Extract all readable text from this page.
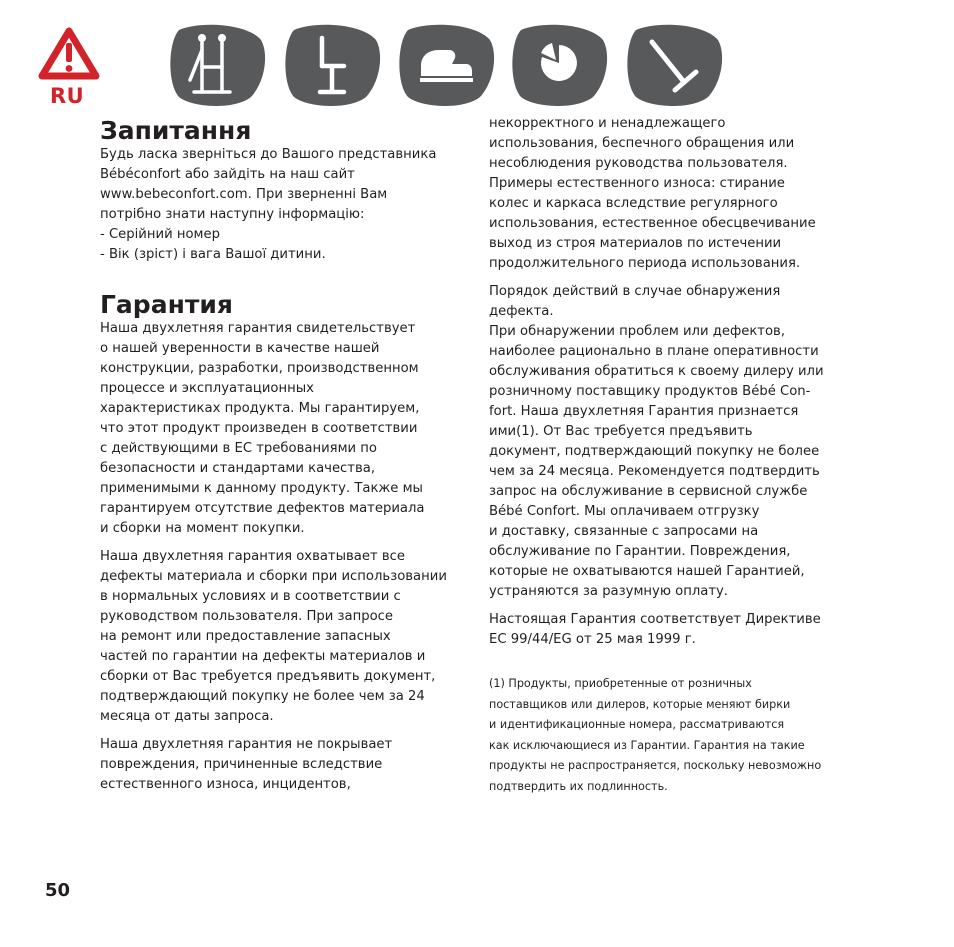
RU
Запитання
Будь ласка зверніться до Вашого представника
Bébéconfort або зайдіть на наш сайт
www.bebeconfort.com. При зверненні Вам
потрібно знати наступну інформацію:
- Серійний номер
- Вік (зріст) і вага Вашої дитини.
Гарантия
Наша двухлетняя гарантия свидетельствует
о нашей уверенности в качестве нашей
конструкции, разработки, производственном
процессе и эксплуатационных
характеристиках продукта. Мы гарантируем,
что этот продукт произведен в соответствии
с действующими в ЕС требованиями по
безопасности и стандартами качества,
применимыми к данному продукту. Также мы
гарантируем отсутствие дефектов материала
и сборки на момент покупки.
Наша двухлетняя гарантия охватывает все
дефекты материала и сборки при использовании
в нормальных условиях и в соответствии с
руководством пользователя. При запросе
на ремонт или предоставление запасных
частей по гарантии на дефекты материалов и
сборки от Вас требуется предъявить документ,
подтверждающий покупку не более чем за 24
месяца от даты запроса.
Наша двухлетняя гарантия не покрывает
повреждения, причиненные вследствие
естественного износа, инцидентов,
некорректного и ненадлежащего
использования, беспечного обращения или
несоблюдения руководства пользователя.
Примеры естественного износа: стирание
колес и каркаса вследствие регулярного
использования, естественное обесцвечивание
выход из строя материалов по истечении
продолжительного периода использования.
Порядок действий в случае обнаружения
дефекта.
При обнаружении проблем или дефектов,
наиболее рационально в плане оперативности
обслуживания обратиться к своему дилеру или
розничному поставщику продуктов Bébé Con-
fort. Наша двухлетняя Гарантия признается
ими(1). От Вас требуется предъявить
документ, подтверждающий покупку не более
чем за 24 месяца. Рекомендуется подтвердить
запрос на обслуживание в сервисной службе
Bébé Confort. Мы оплачиваем отгрузку
и доставку, связанные с запросами на
обслуживание по Гарантии. Повреждения,
которые не охватываются нашей Гарантией,
устраняются за разумную оплату.
Настоящая Гарантия соответствует Директиве
ЕС 99/44/EG от 25 мая 1999 г.
(1) Продукты, приобретенные от розничных
поставщиков или дилеров, которые меняют бирки
и идентификационные номера, рассматриваются
как исключающиеся из Гарантии. Гарантия на такие
продукты не распространяется, поскольку невозможно
подтвердить их подлинность.
50
